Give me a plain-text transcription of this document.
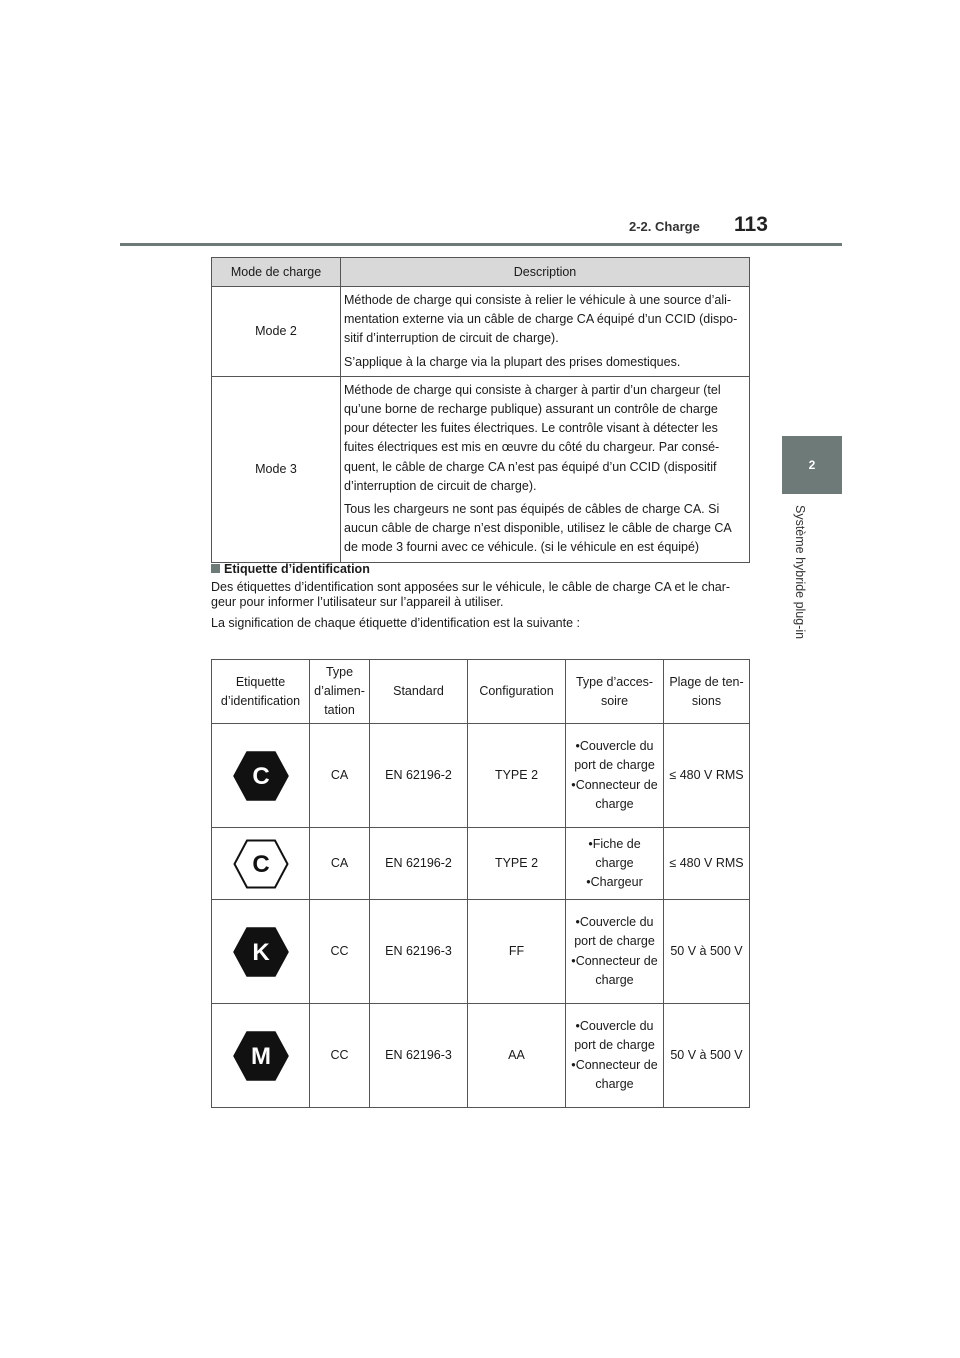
2-2. Charge 113
2
Système hybride plug-in
Mode de charge	Description
Mode 2	Méthode de charge qui consiste à relier le véhicule à une source d’ali-mentation externe via un câble de charge CA équipé d’un CCID (dispo-sitif d’interruption de circuit de charge).

S’applique à la charge via la plupart des prises domestiques.

Mode 3	Méthode de charge qui consiste à charger à partir d’un chargeur (tel qu’une borne de recharge publique) assurant un contrôle de charge pour détecter les fuites électriques. Le contrôle visant à détecter les fuites électriques est mis en œuvre du côté du chargeur. Par consé-quent, le câble de charge CA n’est pas équipé d’un CCID (dispositif d’interruption de circuit de charge).

Tous les chargeurs ne sont pas équipés de câbles de charge CA. Si aucun câble de charge n’est disponible, utilisez le câble de charge CA de mode 3 fourni avec ce véhicule. (si le véhicule en est équipé)

Etiquette d’identification
Des étiquettes d’identification sont apposées sur le véhicule, le câble de charge CA et le char-geur pour informer l’utilisateur sur l’appareil à utiliser.
La signification de chaque étiquette d’identification est la suivante :
Etiquette d’identification	Type d’alimen-tation	Standard	Configuration	Type d’acces-soire	Plage de ten-sions

C	CA	EN 62196-2	TYPE 2	
• Couvercle du port de charge
• Connecteur de charge	≤ 480 V RMS

C	CA	EN 62196-2	TYPE 2	
• Fiche de charge
• Chargeur	≤ 480 V RMS

K	CC	EN 62196-3	FF	
• Couvercle du port de charge
• Connecteur de charge	50 V à 500 V

M	CC	EN 62196-3	AA	
• Couvercle du port de charge
• Connecteur de charge	50 V à 500 V
